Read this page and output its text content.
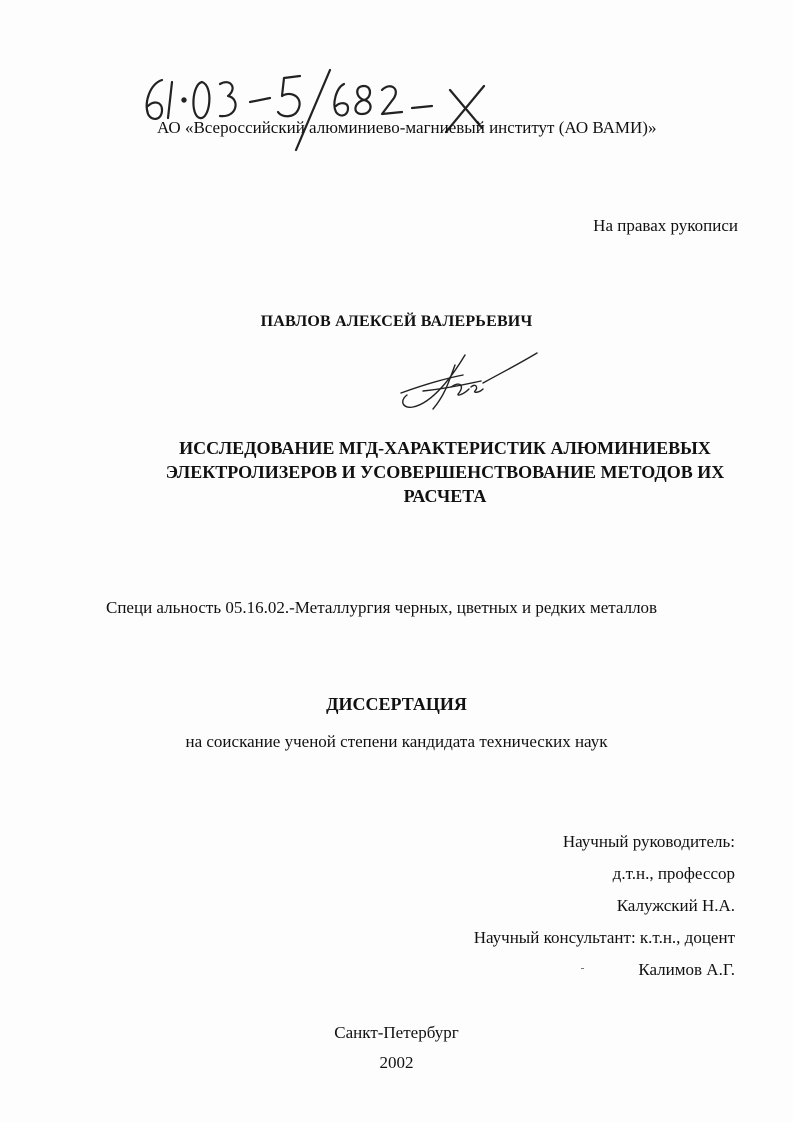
АО «Всероссийский алюминиево-магниевый институт (АО ВАМИ)»
На правах рукописи
ПАВЛОВ АЛЕКСЕЙ ВАЛЕРЬЕВИЧ
ИССЛЕДОВАНИЕ МГД-ХАРАКТЕРИСТИК АЛЮМИНИЕВЫХ
ЭЛЕКТРОЛИЗЕРОВ И УСОВЕРШЕНСТВОВАНИЕ МЕТОДОВ ИХ
РАСЧЕТА
Специ альность 05.16.02.-Металлургия черных, цветных и редких металлов
ДИССЕРТАЦИЯ
на соискание ученой степени кандидата технических наук
Научный руководитель:
д.т.н., профессор
Калужский Н.А.
Научный консультант: к.т.н., доцент
Калимов А.Г.
Санкт-Петербург
2002
